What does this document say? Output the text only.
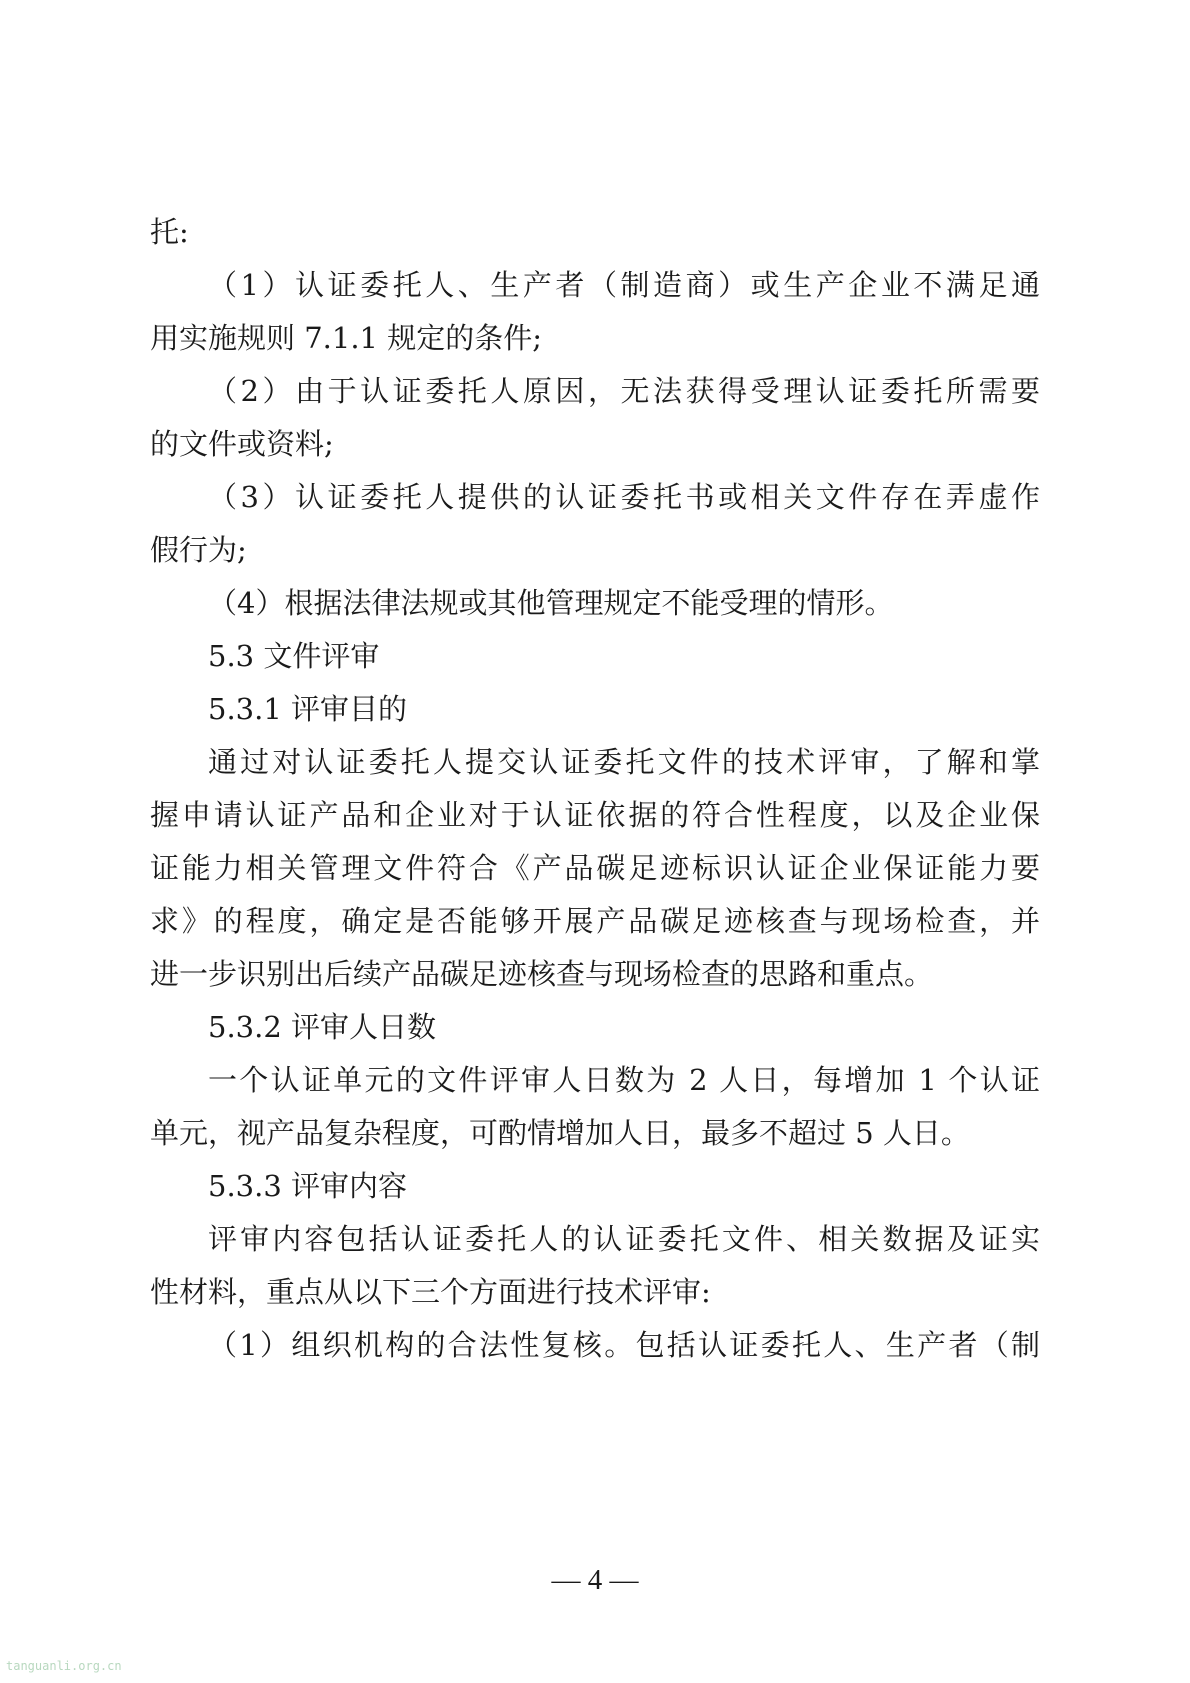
托:
（1）认证委托人、生产者（制造商）或生产企业不满足通
用实施规则 7.1.1 规定的条件;
（2）由于认证委托人原因，无法获得受理认证委托所需要
的文件或资料;
（3）认证委托人提供的认证委托书或相关文件存在弄虚作
假行为;
（4）根据法律法规或其他管理规定不能受理的情形。
5.3 文件评审
5.3.1 评审目的
通过对认证委托人提交认证委托文件的技术评审，了解和掌
握申请认证产品和企业对于认证依据的符合性程度，以及企业保
证能力相关管理文件符合《产品碳足迹标识认证企业保证能力要
求》的程度，确定是否能够开展产品碳足迹核查与现场检查，并
进一步识别出后续产品碳足迹核查与现场检查的思路和重点。
5.3.2 评审人日数
一个认证单元的文件评审人日数为 2 人日，每增加 1 个认证
单元，视产品复杂程度，可酌情增加人日，最多不超过 5 人日。
5.3.3 评审内容
评审内容包括认证委托人的认证委托文件、相关数据及证实
性材料，重点从以下三个方面进行技术评审:
（1）组织机构的合法性复核。包括认证委托人、生产者（制
— 4 —
tanguanli.org.cn
